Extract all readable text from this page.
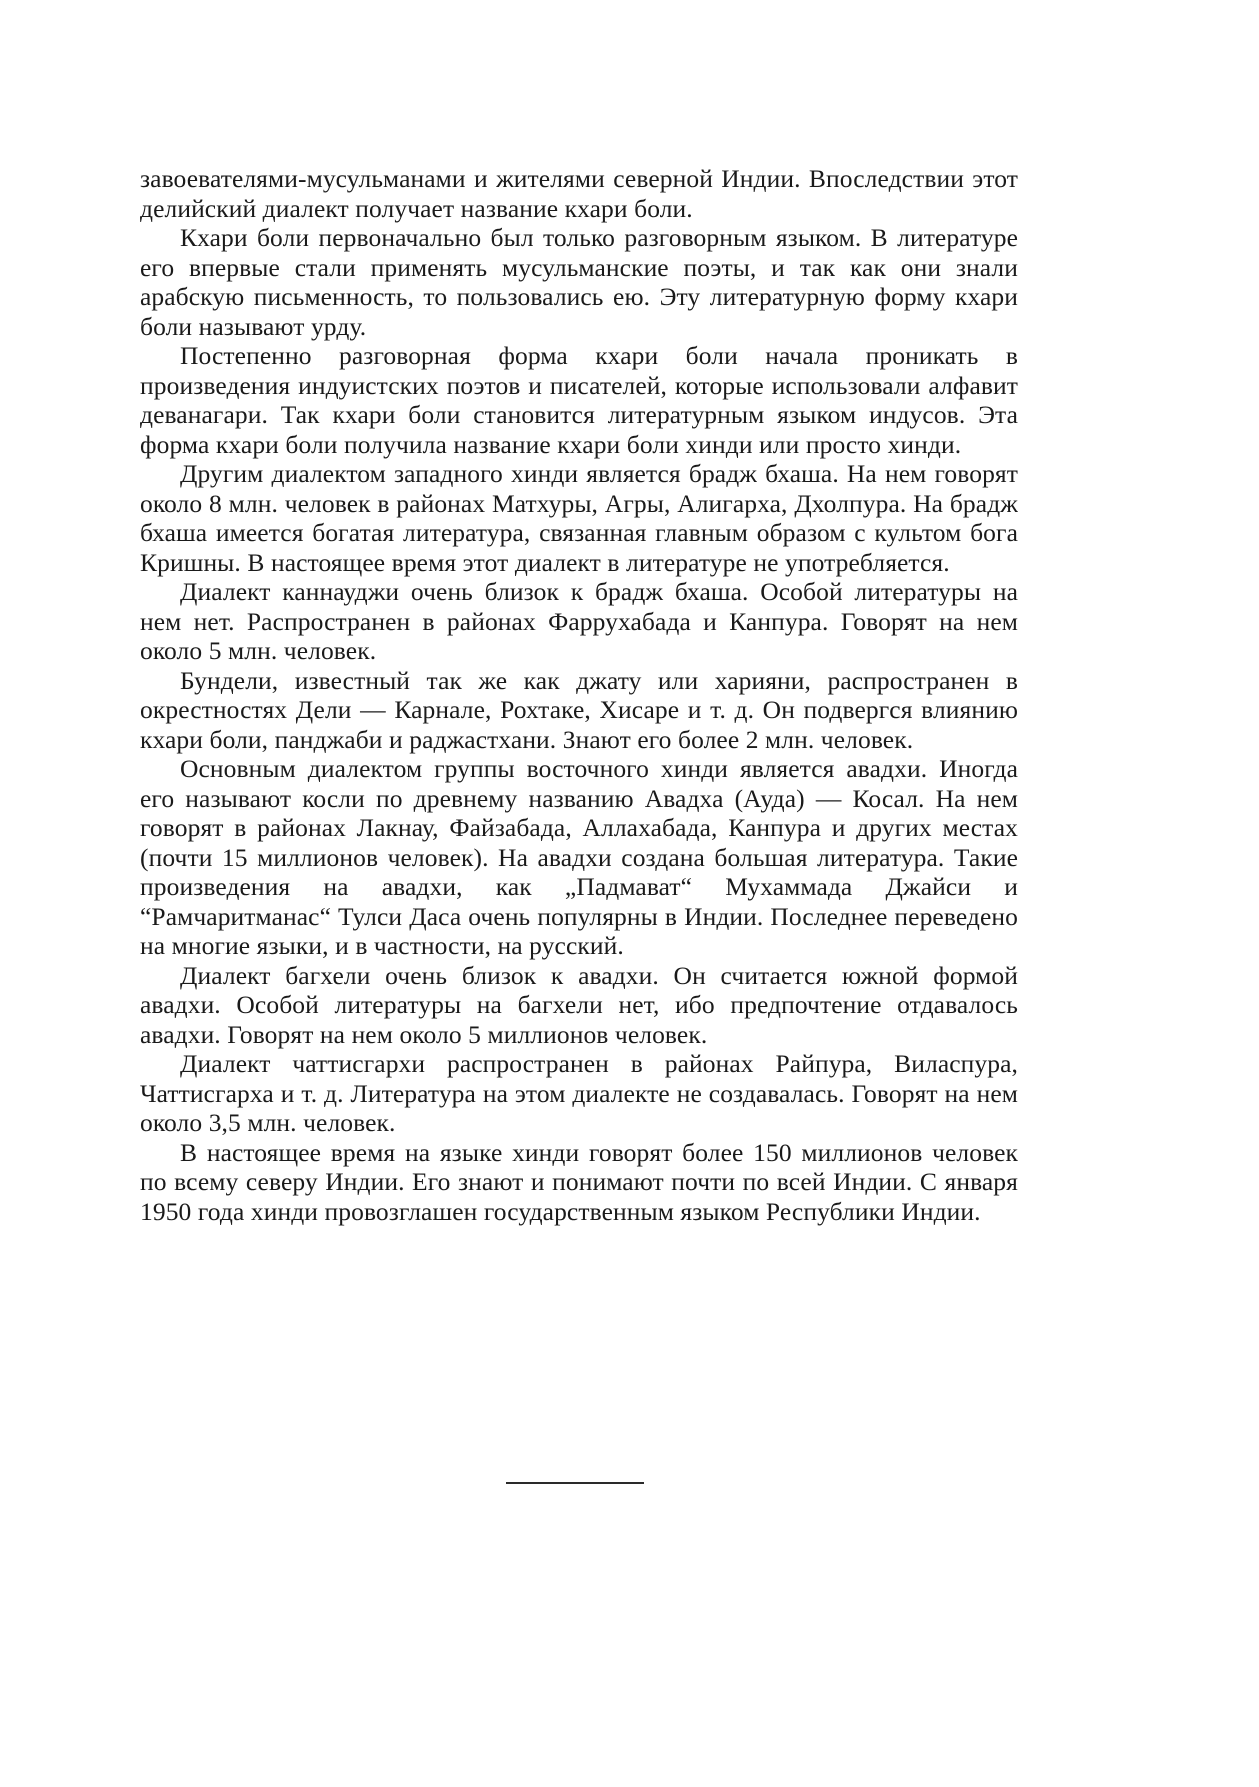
завоевателями-мусульманами и жителями северной Индии. Впоследствии этот делийский диалект получает название кхари боли.

Кхари боли первоначально был только разговорным языком. В литературе его впервые стали применять мусульманские поэты, и так как они знали арабскую письменность, то пользовались ею. Эту литературную форму кхари боли называют урду.

Постепенно разговорная форма кхари боли начала проникать в произведения индуистских поэтов и писателей, которые использовали алфавит деванагари. Так кхари боли становится литературным языком индусов. Эта форма кхари боли получила название кхари боли хинди или просто хинди.

Другим диалектом западного хинди является брадж бхаша. На нем говорят около 8 млн. человек в районах Матхуры, Агры, Алигарха, Дхолпура. На брадж бхаша имеется богатая литература, связанная главным образом с культом бога Кришны. В настоящее время этот диалект в литературе не употребляется.

Диалект каннауджи очень близок к брадж бхаша. Особой литературы на нем нет. Распространен в районах Фаррухабада и Канпура. Говорят на нем около 5 млн. человек.

Бундели, известный так же как джату или харияни, распространен в окрестностях Дели — Карнале, Рохтаке, Хисаре и т. д. Он подвергся влиянию кхари боли, панджаби и раджастхани. Знают его более 2 млн. человек.

Основным диалектом группы восточного хинди является авадхи. Иногда его называют косли по древнему названию Авадха (Ауда) — Косал. На нем говорят в районах Лакнау, Файзабада, Аллахабада, Канпура и других местах (почти 15 миллионов человек). На авадхи создана большая литература. Такие произведения на авадхи, как „Падмават“ Мухаммада Джайси и “Рамчаритманас“ Тулси Даса очень популярны в Индии. Последнее переведено на многие языки, и в частности, на русский.

Диалект багхели очень близок к авадхи. Он считается южной формой авадхи. Особой литературы на багхели нет, ибо предпочтение отдавалось авадхи. Говорят на нем около 5 миллионов человек.

Диалект чаттисгархи распространен в районах Райпура, Виласпура, Чаттисгарха и т. д. Литература на этом диалекте не создавалась. Говорят на нем около 3,5 млн. человек.

В настоящее время на языке хинди говорят более 150 миллионов человек по всему северу Индии. Его знают и понимают почти по всей Индии. С января 1950 года хинди провозглашен государственным языком Республики Индии.
